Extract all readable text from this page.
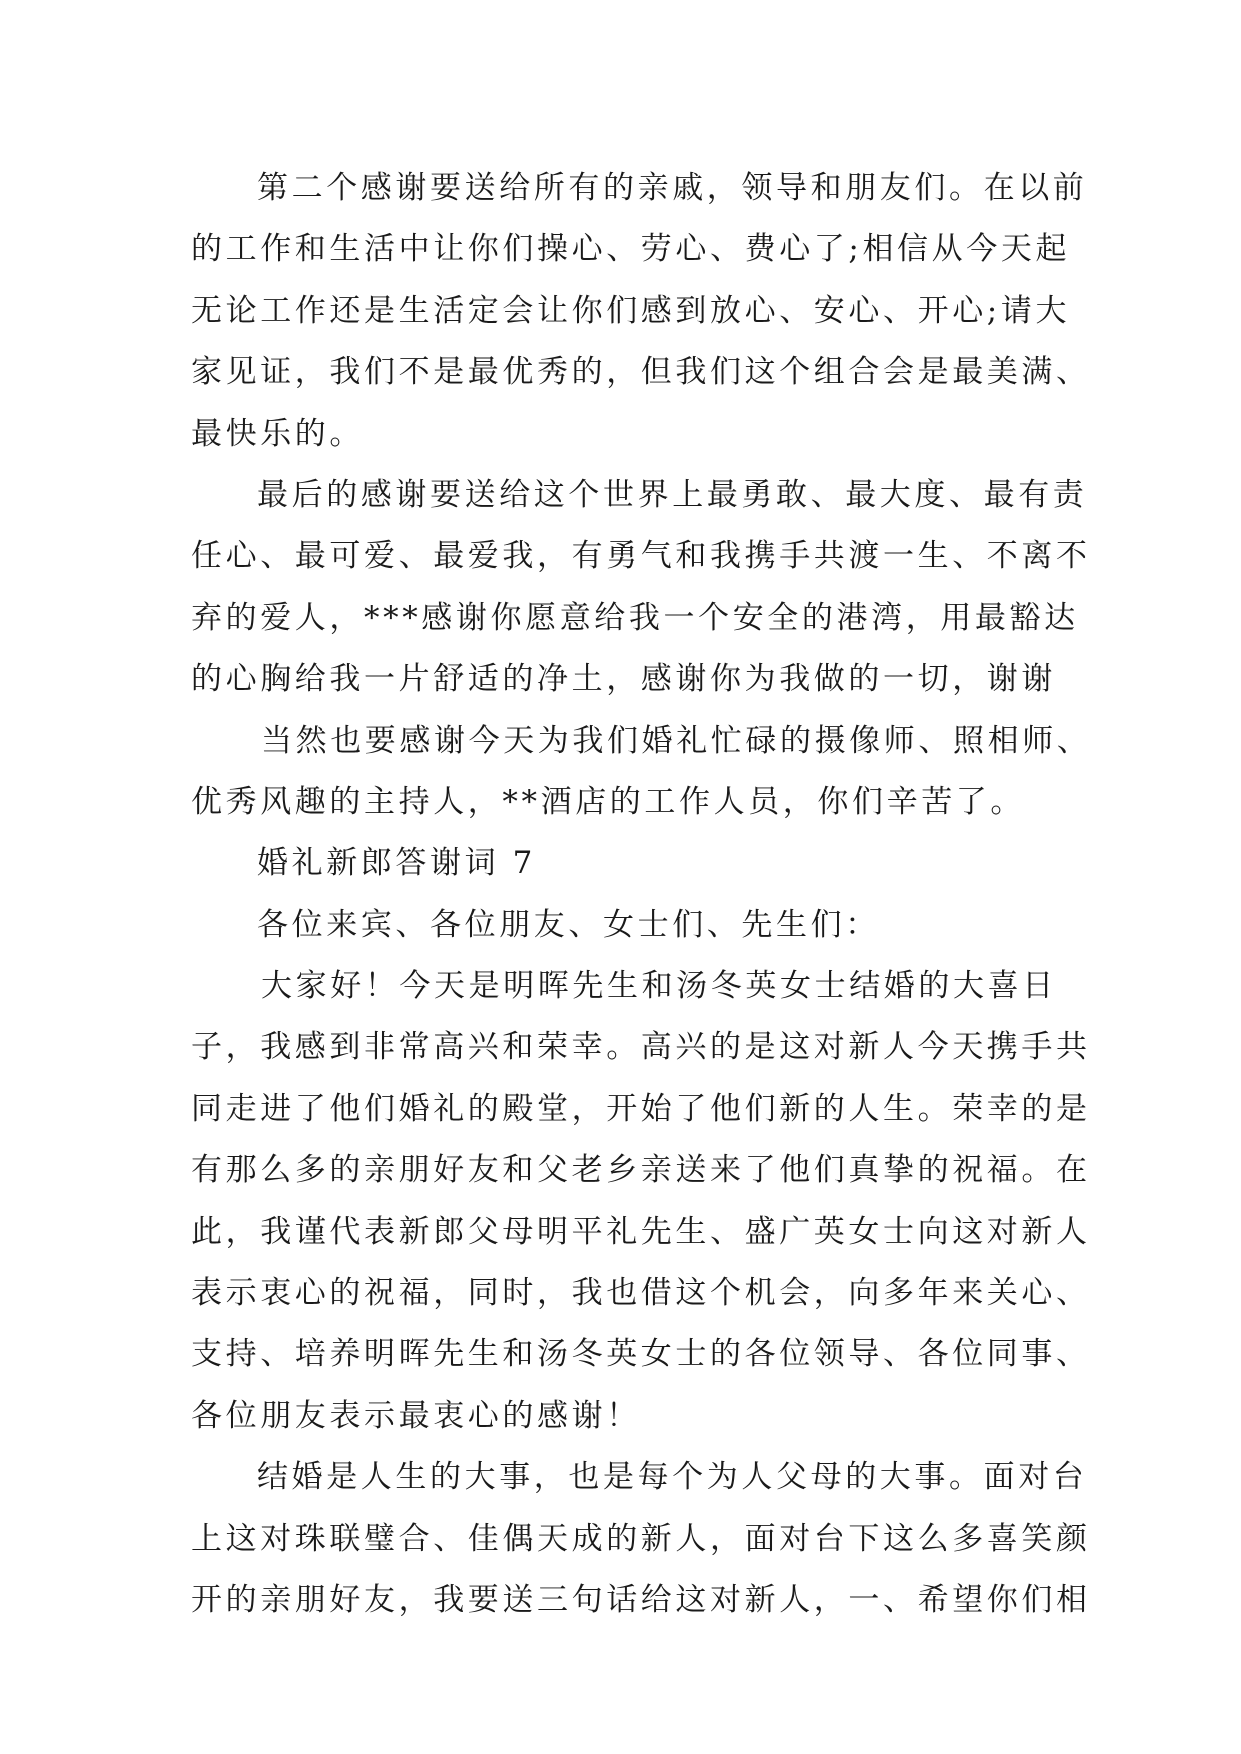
第二个感谢要送给所有的亲戚，领导和朋友们。在以前
的工作和生活中让你们操心、劳心、费心了;相信从今天起
无论工作还是生活定会让你们感到放心、安心、开心;请大
家见证，我们不是最优秀的，但我们这个组合会是最美满、
最快乐的。
最后的感谢要送给这个世界上最勇敢、最大度、最有责
任心、最可爱、最爱我，有勇气和我携手共渡一生、不离不
弃的爱人，***感谢你愿意给我一个安全的港湾，用最豁达
的心胸给我一片舒适的净土，感谢你为我做的一切，谢谢
当然也要感谢今天为我们婚礼忙碌的摄像师、照相师、
优秀风趣的主持人，**酒店的工作人员，你们辛苦了。
婚礼新郎答谢词 7
各位来宾、各位朋友、女士们、先生们：
大家好！今天是明晖先生和汤冬英女士结婚的大喜日
子，我感到非常高兴和荣幸。高兴的是这对新人今天携手共
同走进了他们婚礼的殿堂，开始了他们新的人生。荣幸的是
有那么多的亲朋好友和父老乡亲送来了他们真挚的祝福。在
此，我谨代表新郎父母明平礼先生、盛广英女士向这对新人
表示衷心的祝福，同时，我也借这个机会，向多年来关心、
支持、培养明晖先生和汤冬英女士的各位领导、各位同事、
各位朋友表示最衷心的感谢！
结婚是人生的大事，也是每个为人父母的大事。面对台
上这对珠联璧合、佳偶天成的新人，面对台下这么多喜笑颜
开的亲朋好友，我要送三句话给这对新人，一、希望你们相
